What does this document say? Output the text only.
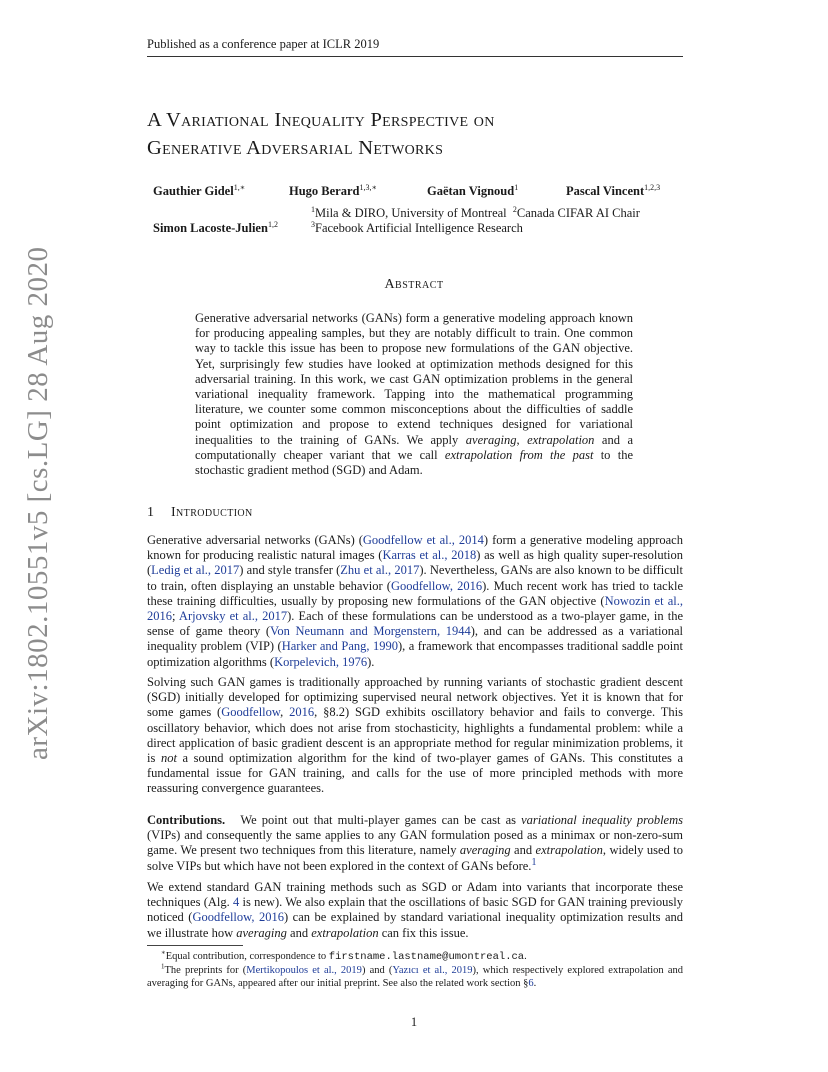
Published as a conference paper at ICLR 2019
A Variational Inequality Perspective on
Generative Adversarial Networks
Gauthier Gidel$^{1,∗}$	Hugo Berard$^{1,3,∗}$	Gaëtan Vignoud$^1$	Pascal Vincent$^{1,2,3}$
Simon Lacoste-Julien$^{1,2}$
$^1$Mila & DIRO, University of Montreal $^2$Canada CIFAR AI Chair
$^3$Facebook Artificial Intelligence Research
arXiv:1802.10551v5 [cs.LG] 28 Aug 2020	Abstract
Generative adversarial networks (GANs) form a generative modeling approach known for producing appealing samples, but they are notably difficult to train. One common way to tackle this issue has been to propose new formulations of the GAN objective. Yet, surprisingly few studies have looked at optimization methods designed for this adversarial training. In this work, we cast GAN optimization problems in the general variational inequality framework. Tapping into the mathematical programming literature, we counter some common misconceptions about the difficulties of saddle point optimization and propose to extend techniques designed for variational inequalities to the training of GANs. We apply averaging, extrapolation and a computationally cheaper variant that we call extrapolation from the past to the stochastic gradient method (SGD) and Adam.
1 Introduction

Generative adversarial networks (GANs) (Goodfellow et al., 2014) form a generative modeling approach known for producing realistic natural images (Karras et al., 2018) as well as high quality super-resolution (Ledig et al., 2017) and style transfer (Zhu et al., 2017). Nevertheless, GANs are also known to be difficult to train, often displaying an unstable behavior (Goodfellow, 2016). Much recent work has tried to tackle these training difficulties, usually by proposing new formulations of the GAN objective (Nowozin et al., 2016; Arjovsky et al., 2017). Each of these formulations can be understood as a two-player game, in the sense of game theory (Von Neumann and Morgenstern, 1944), and can be addressed as a variational inequality problem (VIP) (Harker and Pang, 1990), a framework that encompasses traditional saddle point optimization algorithms (Korpelevich, 1976).

Solving such GAN games is traditionally approached by running variants of stochastic gradient descent (SGD) initially developed for optimizing supervised neural network objectives. Yet it is known that for some games (Goodfellow, 2016, §8.2) SGD exhibits oscillatory behavior and fails to converge. This oscillatory behavior, which does not arise from stochasticity, highlights a fundamental problem: while a direct application of basic gradient descent is an appropriate method for regular minimization problems, it is not a sound optimization algorithm for the kind of two-player games of GANs. This constitutes a fundamental issue for GAN training, and calls for the use of more principled methods with more reassuring convergence guarantees.

Contributions.   We point out that multi-player games can be cast as variational inequality problems (VIPs) and consequently the same applies to any GAN formulation posed as a minimax or non-zero-sum game. We present two techniques from this literature, namely averaging and extrapolation, widely used to solve VIPs but which have not been explored in the context of GANs before.$^1$

We extend standard GAN training methods such as SGD or Adam into variants that incorporate these techniques (Alg. 4 is new). We also explain that the oscillations of basic SGD for GAN training previously noticed (Goodfellow, 2016) can be explained by standard variational inequality optimization results and we illustrate how averaging and extrapolation can fix this issue.

∗Equal contribution, correspondence to firstname.lastname@umontreal.ca.
$^1$The preprints for (Mertikopoulos et al., 2019) and (Yazıcı et al., 2019), which respectively explored extrapolation and averaging for GANs, appeared after our initial preprint. See also the related work section §6.
1
